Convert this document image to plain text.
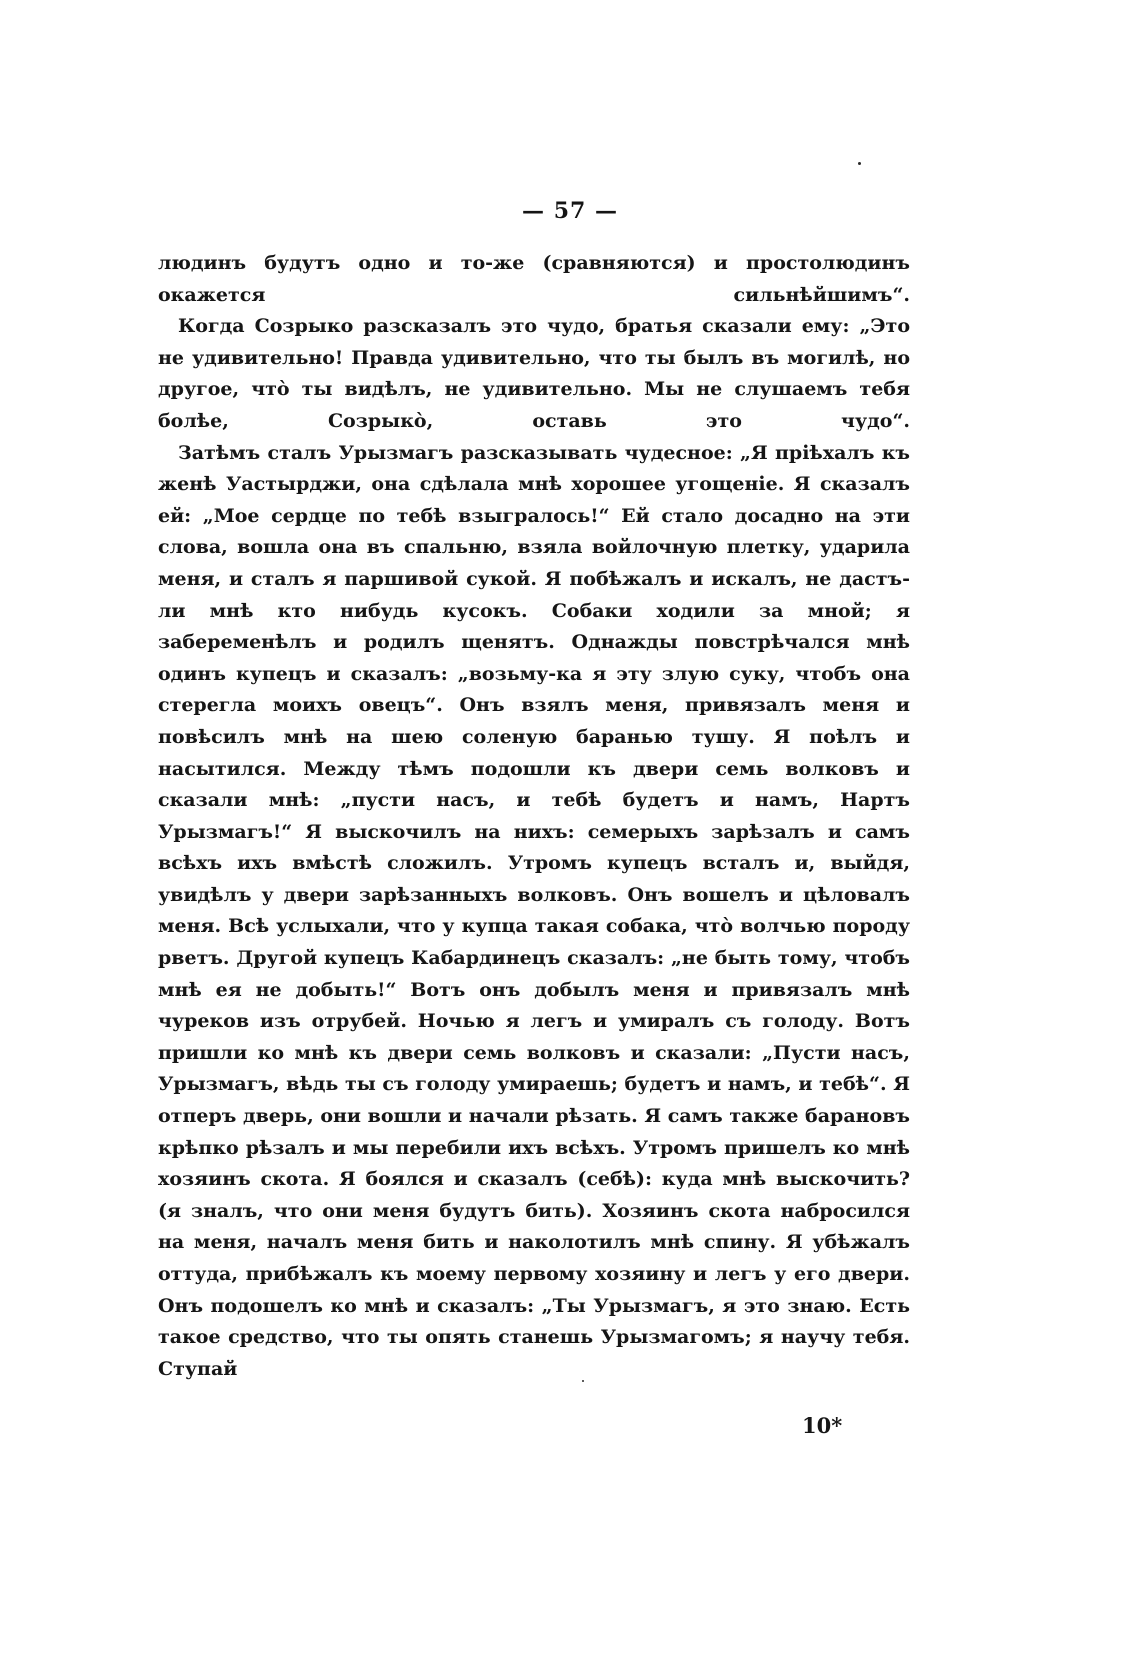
— 57 —

людинъ будутъ одно и то-же (сравняются) и простолюдинъ окажется сильнѣйшимъ“.

Когда Созрыко разсказалъ это чудо, братья сказали ему: „Это не удивительно! Правда удивительно, что ты былъ въ могилѣ, но другое, что̀ ты видѣлъ, не удивительно. Мы не слушаемъ тебя болѣе, Созрыко̀, оставь это чудо“.

Затѣмъ сталъ Урызмагъ разсказывать чудесное: „Я пріѣхалъ къ женѣ Уастырджи, она сдѣлала мнѣ хорошее угощеніе. Я сказалъ ей: „Мое сердце по тебѣ взыгралось!“ Ей стало досадно на эти слова, вошла она въ спальню, взяла войлочную плетку, ударила меня, и сталъ я паршивой сукой. Я побѣжалъ и искалъ, не дастъ-ли мнѣ кто нибудь кусокъ. Собаки ходили за мной; я забеременѣлъ и родилъ щенятъ. Однажды повстрѣчался мнѣ одинъ купецъ и сказалъ: „возьму-ка я эту злую суку, чтобъ она стерегла моихъ овецъ“. Онъ взялъ меня, привязалъ меня и повѣсилъ мнѣ на шею соленую баранью тушу. Я поѣлъ и насытился. Между тѣмъ подошли къ двери семь волковъ и сказали мнѣ: „пусти насъ, и тебѣ будетъ и намъ, Нартъ Урызмагъ!“ Я выскочилъ на нихъ: семерыхъ зарѣзалъ и самъ всѣхъ ихъ вмѣстѣ сложилъ. Утромъ купецъ всталъ и, выйдя, увидѣлъ у двери зарѣзанныхъ волковъ. Онъ вошелъ и цѣловалъ меня. Всѣ услыхали, что у купца такая собака, что̀ волчью породу рветъ. Другой купецъ Кабардинецъ сказалъ: „не быть тому, чтобъ мнѣ ея не добыть!“ Вотъ онъ добылъ меня и привязалъ мнѣ чуреков изъ отрубей. Ночью я легъ и умиралъ съ голоду. Вотъ пришли ко мнѣ къ двери семь волковъ и сказали: „Пусти насъ, Урызмагъ, вѣдь ты съ голоду умираешь; будетъ и намъ, и тебѣ“. Я отперъ дверь, они вошли и начали рѣзать. Я самъ также барановъ крѣпко рѣзалъ и мы перебили ихъ всѣхъ. Утромъ пришелъ ко мнѣ хозяинъ скота. Я боялся и сказалъ (себѣ): куда мнѣ выскочить? (я зналъ, что они меня будутъ бить). Хозяинъ скота набросился на меня, началъ меня бить и наколотилъ мнѣ спину. Я убѣжалъ оттуда, прибѣжалъ къ моему первому хозяину и легъ у его двери. Онъ подошелъ ко мнѣ и сказалъ: „Ты Урызмагъ, я это знаю. Есть такое средство, что ты опять станешь Урызмагомъ; я научу тебя. Ступай

10*
